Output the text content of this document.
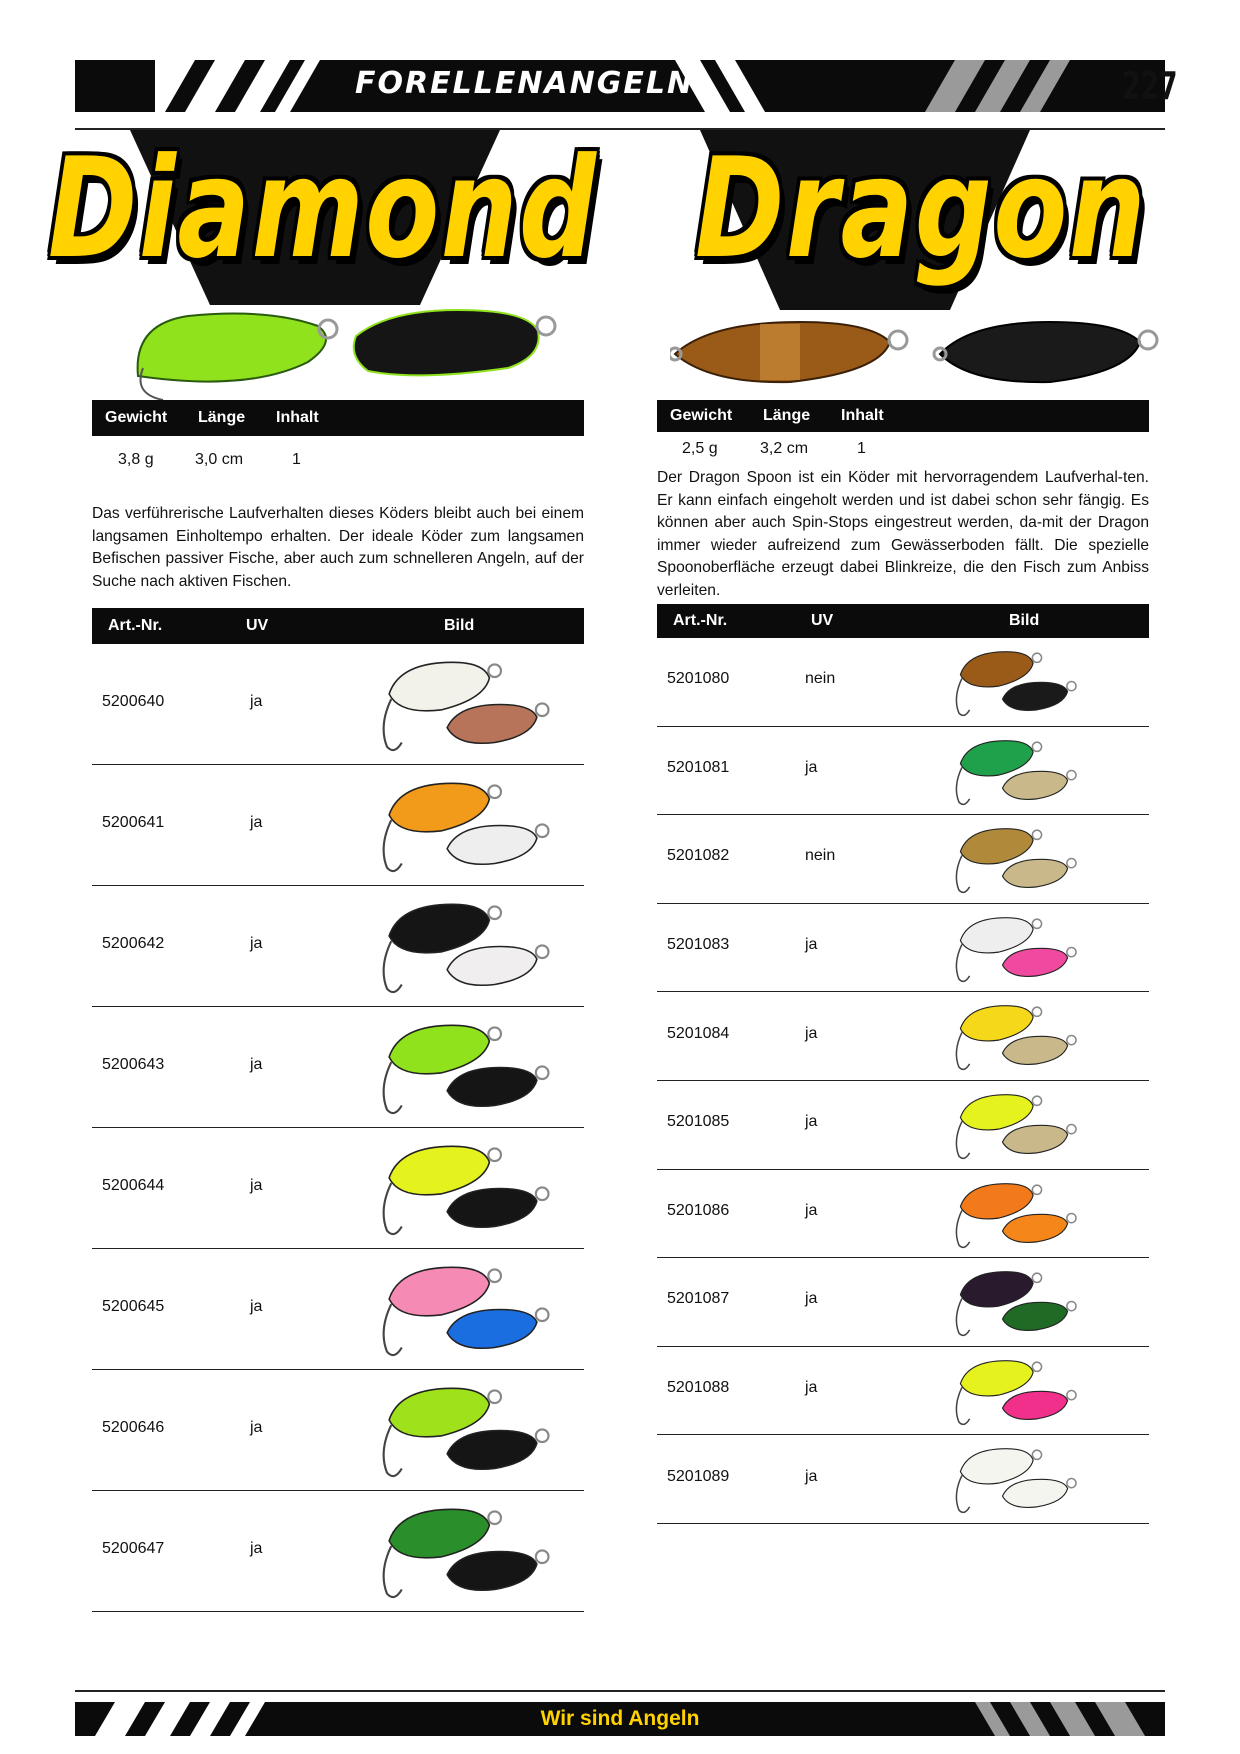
FORELLENANGELN	227
Diamond Dragon
Gewicht Länge Inhalt
3,8 g	3,0 cm	1
Das verführerische Laufverhalten dieses Köders bleibt auch bei einem langsamen Einholtempo erhalten. Der ideale Köder zum langsamen Befischen passiver Fische, aber auch zum schnelleren Angeln, auf der Suche nach aktiven Fischen.
Gewicht Länge Inhalt
2,5 g	3,2 cm	1
Der Dragon Spoon ist ein Köder mit hervorragendem Laufverhal-ten. Er kann einfach eingeholt werden und ist dabei schon sehr fängig. Es können aber auch Spin-Stops eingestreut werden, da-mit der Dragon immer wieder aufreizend zum Gewässerboden fällt. Die spezielle Spoonoberfläche erzeugt dabei Blinkreize, die den Fisch zum Anbiss verleiten.
Art.-Nr.	UV	Bild
5200640	ja
5200641	ja
5200642	ja
5200643	ja
5200644	ja
5200645	ja
5200646	ja
5200647	ja
Art.-Nr.	UV	Bild
5201080	nein
5201081	ja
5201082	nein
5201083	ja
5201084	ja
5201085	ja
5201086	ja
5201087	ja
5201088	ja
5201089	ja
Wir sind Angeln
